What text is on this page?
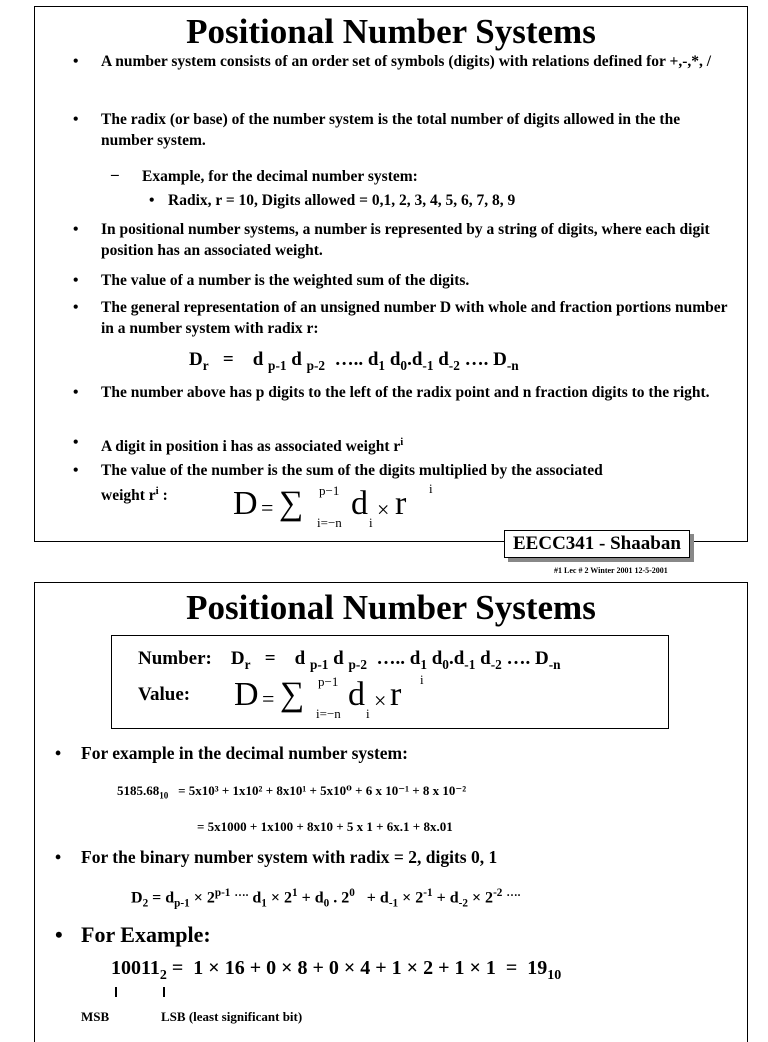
Positional Number Systems
• A number system consists of an order set of symbols (digits) with relations defined for +,-,*, /
• The radix (or base) of the number system is the total number of digits allowed in the the number system.
– Example, for the decimal number system:
• Radix, r = 10, Digits allowed = 0,1, 2, 3, 4, 5, 6, 7, 8, 9
• In positional number systems, a number is represented by a string of digits, where each digit position has an associated weight.
• The value of a number is the weighted sum of the digits.
• The general representation of an unsigned number D with whole and fraction portions number in a number system with radix r:
$D_r$   =    d $_{p-1}$ d $_{p-2}$  ….. $d_1$ $d_0.d_{-1}$ $d_{-2}$ …. $D_{-n}$
• The number above has p digits to the left of the radix point and n fraction digits to the right.
• A digit in position i has as associated weight $r^i$
• The value of the number is the sum of the digits multiplied by the associated
weight $r^i$ :	D = ∑ p−1
i=−n
d
i
× r i
EECC341 - Shaaban
#1 Lec # 2 Winter 2001 12-5-2001
Positional Number Systems
Number:    $D_r$   =    d $_{p-1}$ d $_{p-2}$  ….. $d_1$ $d_0.d_{-1}$ $d_{-2}$ …. $D_{-n}$
Value: D = ∑ p−1
i=−n
d
i
× r i
• For example in the decimal number system:
$5185.68_{10} = 5x10^3 + 1x10^2 + 8x10^1 + 5x10^0 + 6$ x 10⁻¹ + 8 x 10⁻²
= 5x1000 + 1x100 + 8x10 + 5 x 1 + 6x.1 + 8x.01
• For the binary number system with radix = 2, digits 0, 1
$D_2 = d_{p-1} \times 2^{p-1}$ …. $d_1 \times 2^1 + d_0$ . $2^0 + d_{-1} \times 2^{-1} + d_{-2} \times 2^{-2}$ ….
• For Example:
$10011_2 = 1 \times 16 + 0 \times 8 + 0 \times 4 + 1 \times 2 + 1 \times 1 = 19_{10}$
MSB	LSB (least significant bit)
